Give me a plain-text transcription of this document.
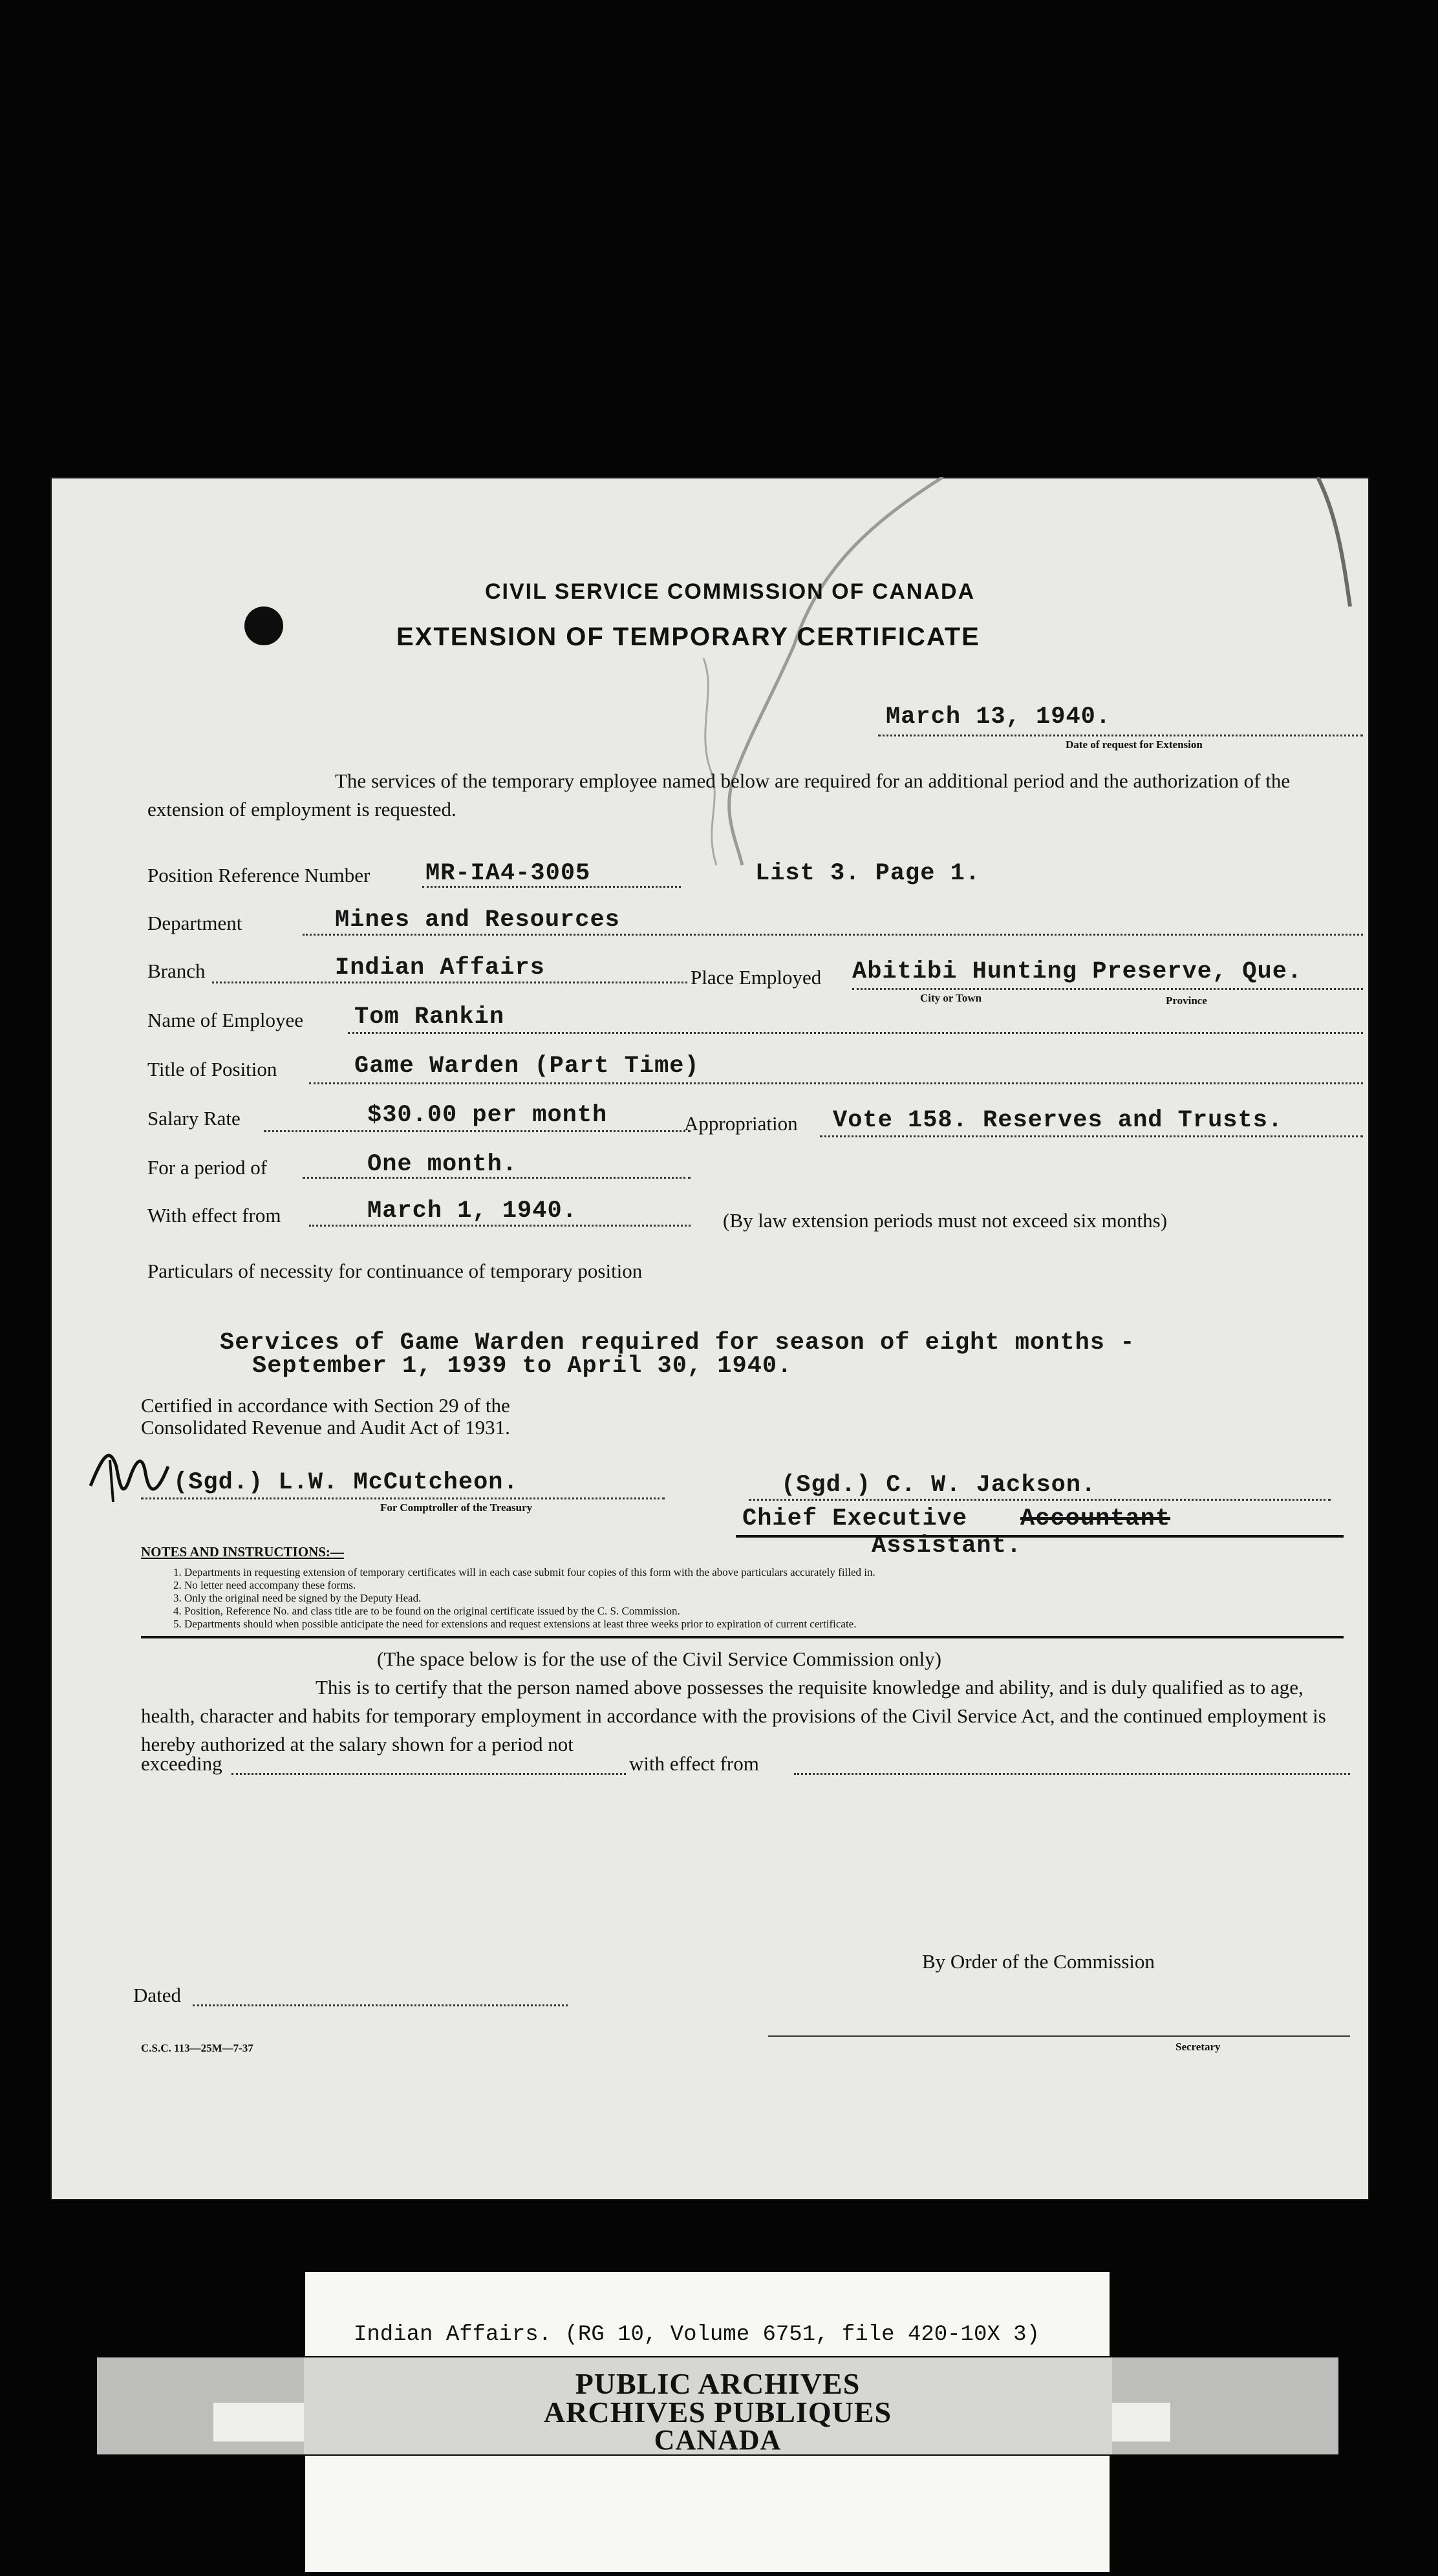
CIVIL SERVICE COMMISSION OF CANADA
EXTENSION OF TEMPORARY CERTIFICATE
March 13, 1940.
Date of request for Extension
The services of the temporary employee named below are required for an additional period and the authorization of the extension of employment is requested.
Position Reference Number MR-IA4-3005	List 3. Page 1.
Department	Mines and Resources
Branch	Indian Affairs	Place Employed Abitibi Hunting Preserve, Que.
City or Town	Province
Name of Employee Tom Rankin
Title of Position	Game Warden (Part Time)
Salary Rate	$30.00 per month	Appropriation Vote 158. Reserves and Trusts.
For a period of	One month.
With effect from	March 1, 1940.	(By law extension periods must not exceed six months)
Particulars of necessity for continuance of temporary position
Services of Game Warden required for season of eight months -
September 1, 1939 to April 30, 1940.
Certified in accordance with Section 29 of the
Consolidated Revenue and Audit Act of 1931.
(Sgd.) L.W. McCutcheon.
For Comptroller of the Treasury
(Sgd.) C. W. Jackson.
Chief Executive Accountant
Assistant.
NOTES AND INSTRUCTIONS:—
1. Departments in requesting extension of temporary certificates will in each case submit four copies of this form with the above particulars accurately filled in.
2. No letter need accompany these forms.
3. Only the original need be signed by the Deputy Head.
4. Position, Reference No. and class title are to be found on the original certificate issued by the C. S. Commission.
5. Departments should when possible anticipate the need for extensions and request extensions at least three weeks prior to expiration of current certificate.
(The space below is for the use of the Civil Service Commission only)
This is to certify that the person named above possesses the requisite knowledge and ability, and is duly qualified as to age, health, character and habits for temporary employment in accordance with the provisions of the Civil Service Act, and the continued employment is hereby authorized at the salary shown for a period not
exceeding	with effect from
By Order of the Commission
Dated
Secretary
C.S.C. 113—25M—7-37
Indian Affairs. (RG 10, Volume 6751, file 420-10X 3)
PUBLIC ARCHIVES
ARCHIVES PUBLIQUES
CANADA
